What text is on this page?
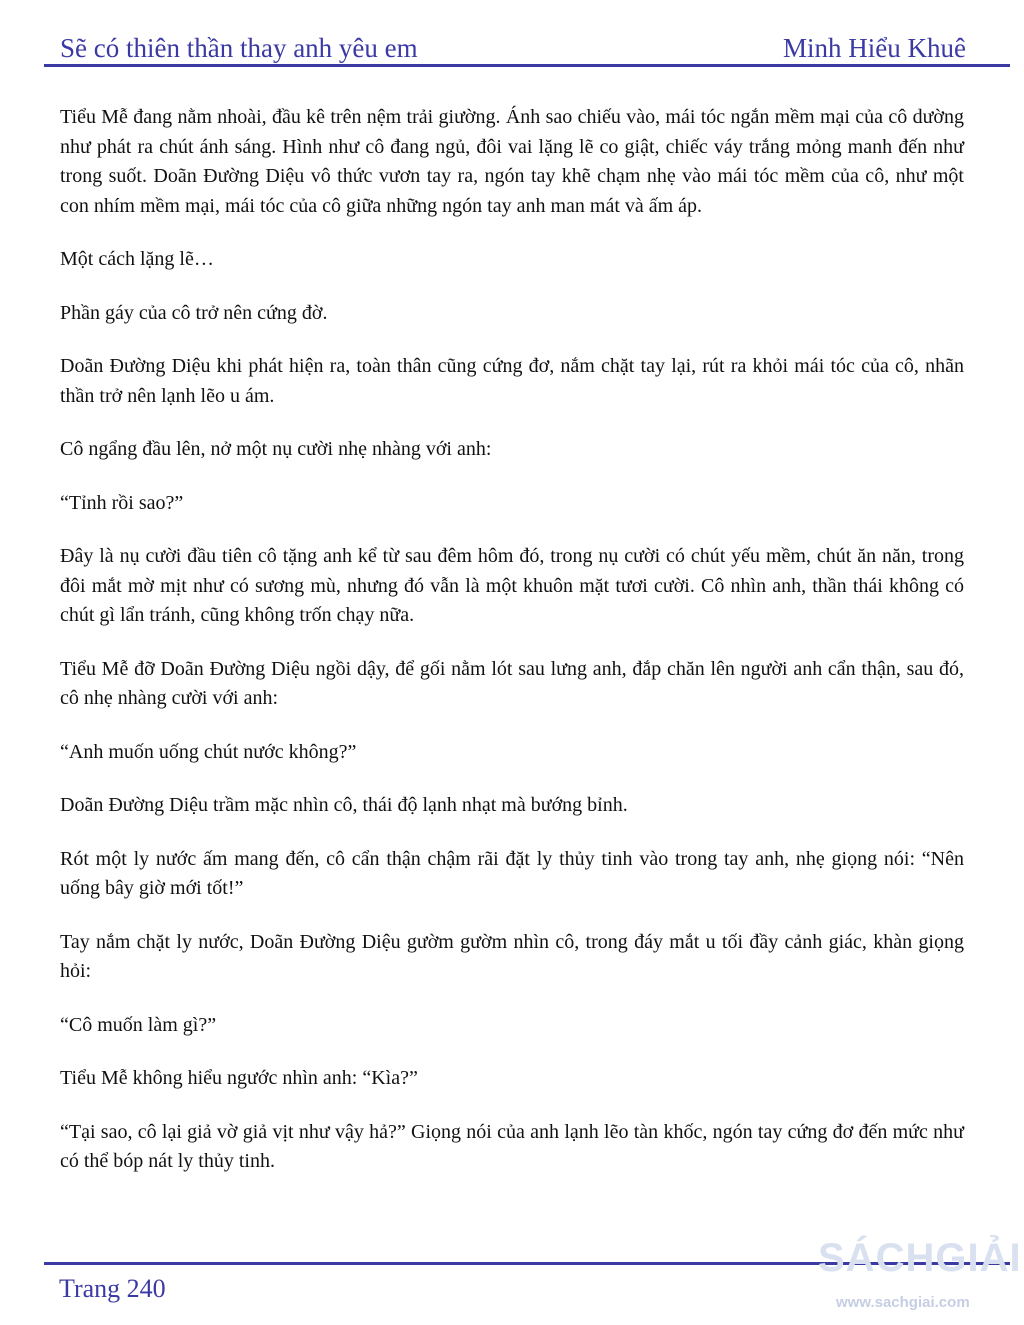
Sẽ có thiên thần thay anh yêu em	Minh Hiểu Khuê

Tiểu Mễ đang nằm nhoài, đầu kê trên nệm trải giường. Ánh sao chiếu vào, mái tóc ngắn mềm mại của cô dường như phát ra chút ánh sáng. Hình như cô đang ngủ, đôi vai lặng lẽ co giật, chiếc váy trắng mỏng manh đến như trong suốt. Doãn Đường Diệu vô thức vươn tay ra, ngón tay khẽ chạm nhẹ vào mái tóc mềm của cô, như một con nhím mềm mại, mái tóc của cô giữa những ngón tay anh man mát và ấm áp.

Một cách lặng lẽ…

Phần gáy của cô trở nên cứng đờ.

Doãn Đường Diệu khi phát hiện ra, toàn thân cũng cứng đơ, nắm chặt tay lại, rút ra khỏi mái tóc của cô, nhãn thần trở nên lạnh lẽo u ám.

Cô ngẩng đầu lên, nở một nụ cười nhẹ nhàng với anh:

“Tỉnh rồi sao?”

Đây là nụ cười đầu tiên cô tặng anh kể từ sau đêm hôm đó, trong nụ cười có chút yếu mềm, chút ăn năn, trong đôi mắt mờ mịt như có sương mù, nhưng đó vẫn là một khuôn mặt tươi cười. Cô nhìn anh, thần thái không có chút gì lẩn tránh, cũng không trốn chạy nữa.

Tiểu Mễ đỡ Doãn Đường Diệu ngồi dậy, để gối nằm lót sau lưng anh, đắp chăn lên người anh cẩn thận, sau đó, cô nhẹ nhàng cười với anh:

“Anh muốn uống chút nước không?”

Doãn Đường Diệu trầm mặc nhìn cô, thái độ lạnh nhạt mà bướng bỉnh.

Rót một ly nước ấm mang đến, cô cẩn thận chậm rãi đặt ly thủy tinh vào trong tay anh, nhẹ giọng nói: “Nên uống bây giờ mới tốt!”

Tay nắm chặt ly nước, Doãn Đường Diệu gườm gườm nhìn cô, trong đáy mắt u tối đầy cảnh giác, khàn giọng hỏi:

“Cô muốn làm gì?”

Tiểu Mễ không hiểu ngước nhìn anh: “Kìa?”

“Tại sao, cô lại giả vờ giả vịt như vậy hả?” Giọng nói của anh lạnh lẽo tàn khốc, ngón tay cứng đơ đến mức như có thể bóp nát ly thủy tinh.

Trang 240
SÁCHGIẢI
www.sachgiai.com
